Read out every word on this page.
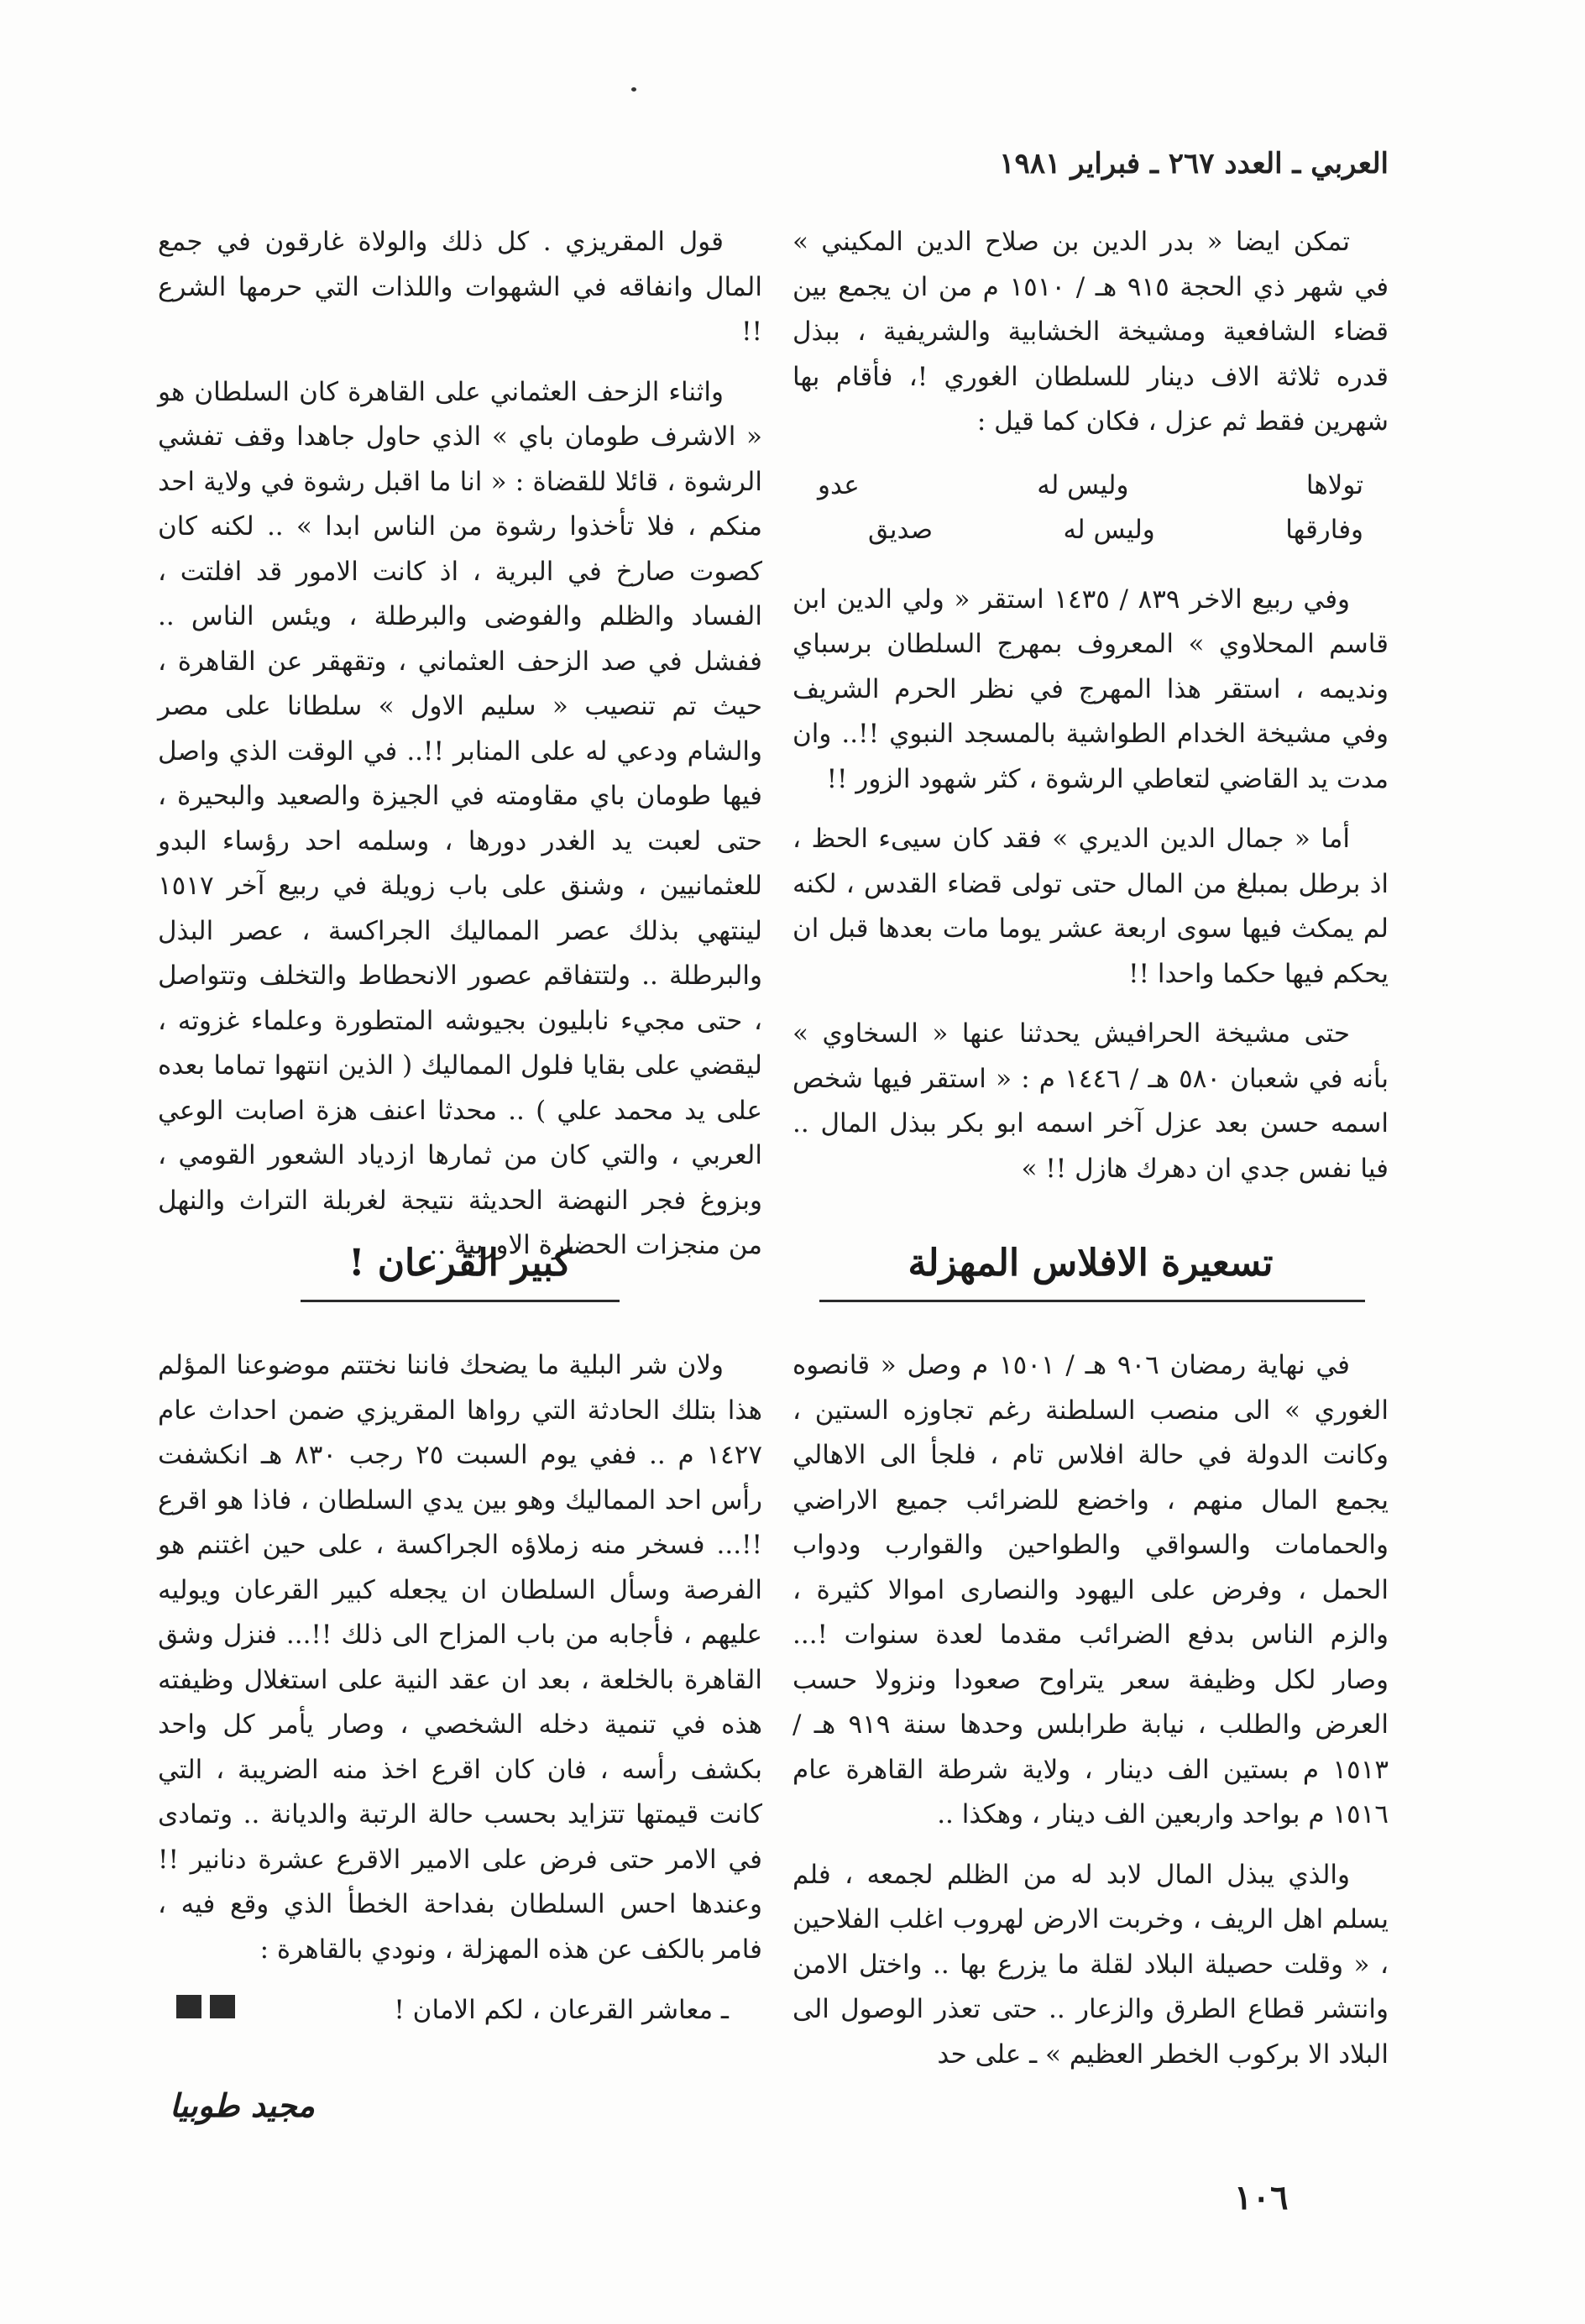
العربي ـ العدد ٢٦٧ ـ فبراير ١٩٨١

تمكن ايضا « بدر الدين بن صلاح الدين المكيني » في شهر ذي الحجة ٩١٥ هـ / ١٥١٠ م من ان يجمع بين قضاء الشافعية ومشيخة الخشابية والشريفية ، ببذل قدره ثلاثة الاف دينار للسلطان الغوري !، فأقام بها شهرين فقط ثم عزل ، فكان كما قيل :

تولاها
وليس له
عدو
وفارقها
وليس له
صديق

وفي ربيع الاخر ٨٣٩ / ١٤٣٥ استقر « ولي الدين ابن قاسم المحلاوي » المعروف بمهرج السلطان برسباي ونديمه ، استقر هذا المهرج في نظر الحرم الشريف وفي مشيخة الخدام الطواشية بالمسجد النبوي !!.. وان مدت يد القاضي لتعاطي الرشوة ، كثر شهود الزور !!

أما « جمال الدين الديري » فقد كان سيىء الحظ ، اذ برطل بمبلغ من المال حتى تولى قضاء القدس ، لكنه لم يمكث فيها سوى اربعة عشر يوما مات بعدها قبل ان يحكم فيها حكما واحدا !!

حتى مشيخة الحرافيش يحدثنا عنها « السخاوي » بأنه في شعبان ٥٨٠ هـ / ١٤٤٦ م : « استقر فيها شخص اسمه حسن بعد عزل آخر اسمه ابو بكر ببذل المال .. فيا نفس جدي ان دهرك هازل !! »

تسعيرة الافلاس المهزلة

في نهاية رمضان ٩٠٦ هـ / ١٥٠١ م وصل « قانصوه الغوري » الى منصب السلطنة رغم تجاوزه الستين ، وكانت الدولة في حالة افلاس تام ، فلجأ الى الاهالي يجمع المال منهم ، واخضع للضرائب جميع الاراضي والحمامات والسواقي والطواحين والقوارب ودواب الحمل ، وفرض على اليهود والنصارى اموالا كثيرة ، والزم الناس بدفع الضرائب مقدما لعدة سنوات !... وصار لكل وظيفة سعر يتراوح صعودا ونزولا حسب العرض والطلب ، نيابة طرابلس وحدها سنة ٩١٩ هـ / ١٥١٣ م بستين الف دينار ، ولاية شرطة القاهرة عام ١٥١٦ م بواحد واربعين الف دينار ، وهكذا ..

والذي يبذل المال لابد له من الظلم لجمعه ، فلم يسلم اهل الريف ، وخربت الارض لهروب اغلب الفلاحين ، « وقلت حصيلة البلاد لقلة ما يزرع بها .. واختل الامن وانتشر قطاع الطرق والزعار .. حتى تعذر الوصول الى البلاد الا بركوب الخطر العظيم » ـ على حد

قول المقريزي . كل ذلك والولاة غارقون في جمع المال وانفاقه في الشهوات واللذات التي حرمها الشرع !!

واثناء الزحف العثماني على القاهرة كان السلطان هو « الاشرف طومان باي » الذي حاول جاهدا وقف تفشي الرشوة ، قائلا للقضاة : « انا ما اقبل رشوة في ولاية احد منكم ، فلا تأخذوا رشوة من الناس ابدا » .. لكنه كان كصوت صارخ في البرية ، اذ كانت الامور قد افلتت ، الفساد والظلم والفوضى والبرطلة ، ويئس الناس .. ففشل في صد الزحف العثماني ، وتقهقر عن القاهرة ، حيث تم تنصيب « سليم الاول » سلطانا على مصر والشام ودعي له على المنابر !!.. في الوقت الذي واصل فيها طومان باي مقاومته في الجيزة والصعيد والبحيرة ، حتى لعبت يد الغدر دورها ، وسلمه احد رؤساء البدو للعثمانيين ، وشنق على باب زويلة في ربيع آخر ١٥١٧ لينتهي بذلك عصر المماليك الجراكسة ، عصر البذل والبرطلة .. ولتتفاقم عصور الانحطاط والتخلف وتتواصل ، حتى مجيء نابليون بجيوشه المتطورة وعلماء غزوته ، ليقضي على بقايا فلول المماليك ( الذين انتهوا تماما بعده على يد محمد علي ) .. محدثا اعنف هزة اصابت الوعي العربي ، والتي كان من ثمارها ازدياد الشعور القومي ، وبزوغ فجر النهضة الحديثة نتيجة لغربلة التراث والنهل من منجزات الحضارة الاوربية ..

كبير القرعان !

ولان شر البلية ما يضحك فاننا نختتم موضوعنا المؤلم هذا بتلك الحادثة التي رواها المقريزي ضمن احداث عام ١٤٢٧ م .. ففي يوم السبت ٢٥ رجب ٨٣٠ هـ انكشفت رأس احد المماليك وهو بين يدي السلطان ، فاذا هو اقرع !!... فسخر منه زملاؤه الجراكسة ، على حين اغتنم هو الفرصة وسأل السلطان ان يجعله كبير القرعان ويوليه عليهم ، فأجابه من باب المزاح الى ذلك !!... فنزل وشق القاهرة بالخلعة ، بعد ان عقد النية على استغلال وظيفته هذه في تنمية دخله الشخصي ، وصار يأمر كل واحد بكشف رأسه ، فان كان اقرع اخذ منه الضريبة ، التي كانت قيمتها تتزايد بحسب حالة الرتبة والديانة .. وتمادى في الامر حتى فرض على الامير الاقرع عشرة دنانير !! وعندها احس السلطان بفداحة الخطأ الذي وقع فيه ، فامر بالكف عن هذه المهزلة ، ونودي بالقاهرة :

ـ معاشر القرعان ، لكم الامان !
مجيد طوبيا
١٠٦
